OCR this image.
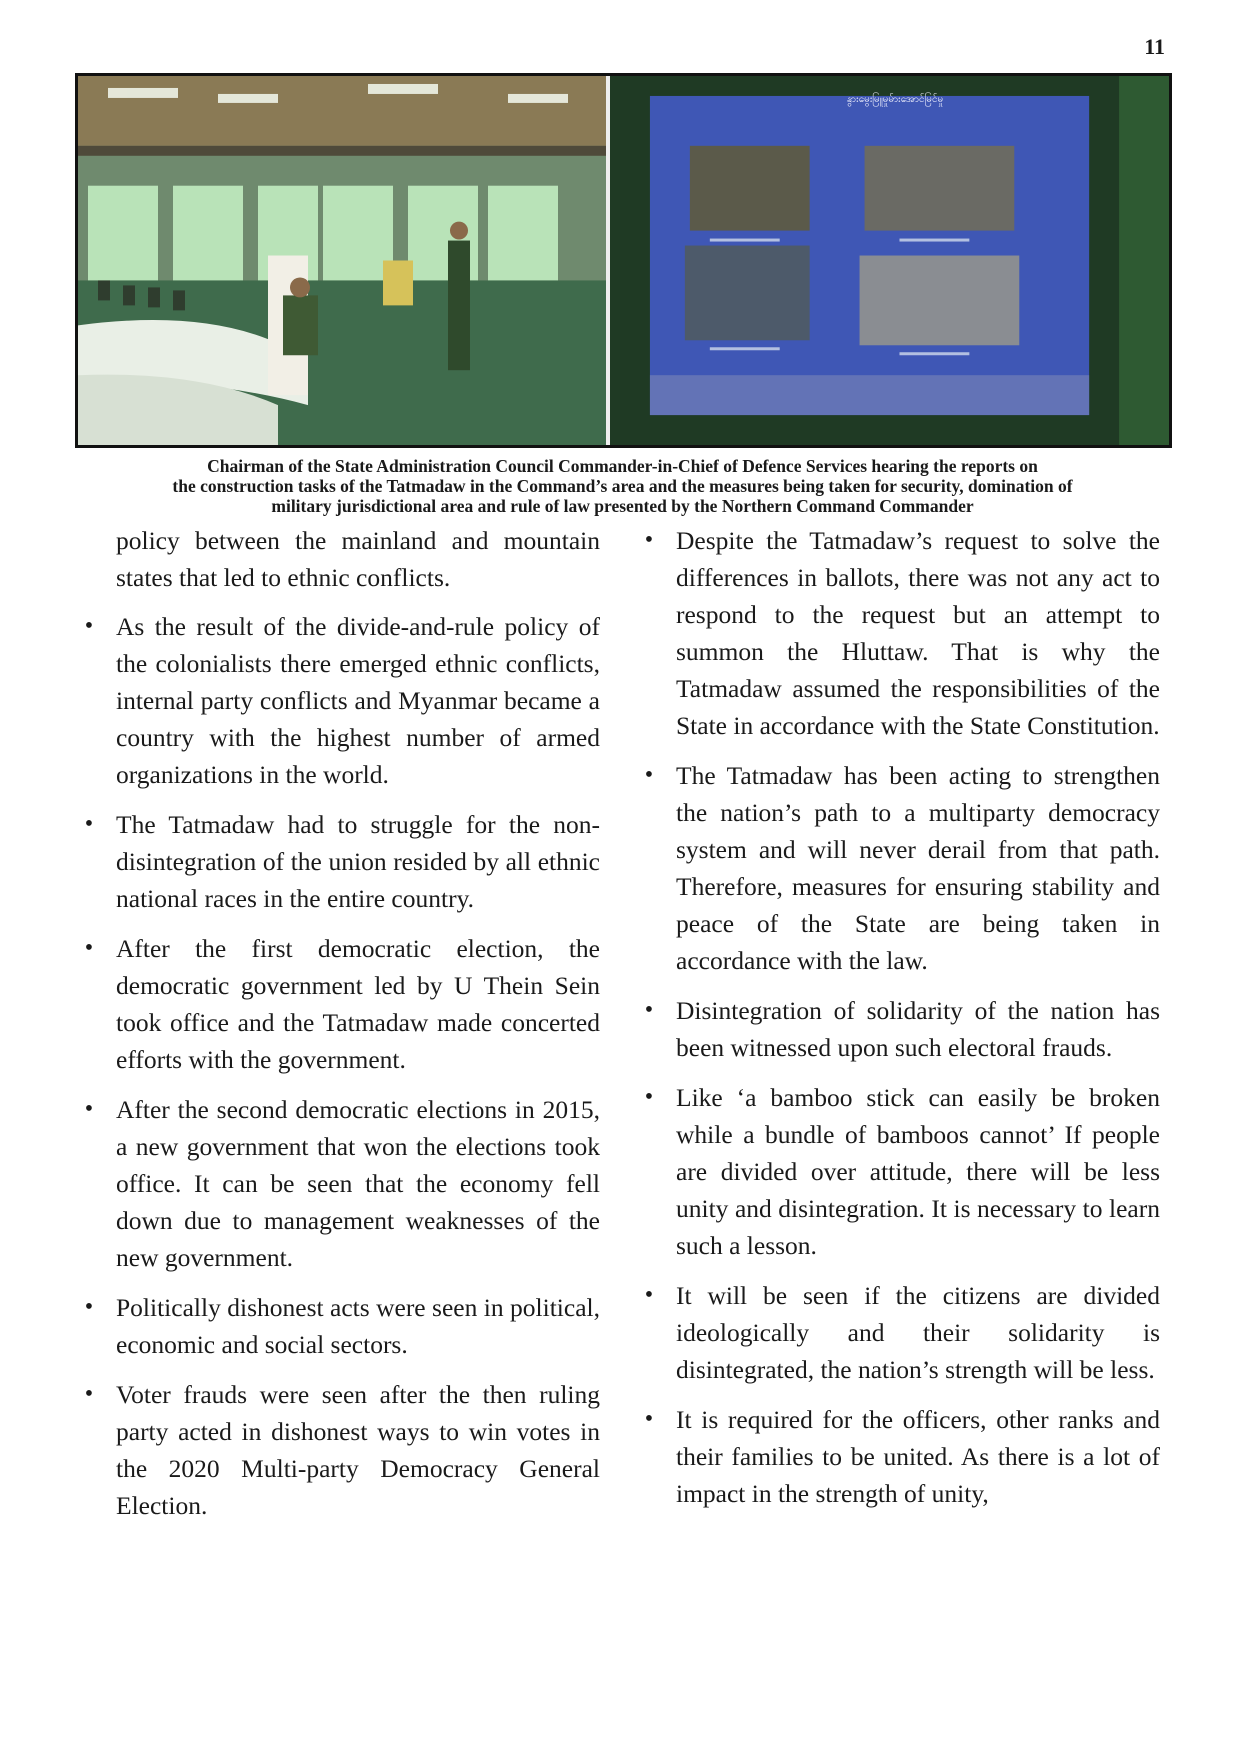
11
နွားမွေးမြူမှုမ်ားအောင်မြင်မှု
Chairman of the State Administration Council Commander-in-Chief of Defence Services hearing the reports on
the construction tasks of the Tatmadaw in the Command’s area and the measures being taken for security, domination of
military jurisdictional area and rule of law presented by the Northern Command Commander

policy between the mainland and mountain states that led to ethnic conflicts.

• As the result of the divide-and-rule policy of the colonialists there emerged ethnic conflicts, internal party conflicts and Myanmar became a country with the highest number of armed organizations in the world.
• The Tatmadaw had to struggle for the non-disintegration of the union resided by all ethnic national races in the entire country.
• After the first democratic election, the democratic government led by U Thein Sein took office and the Tatmadaw made concerted efforts with the government.
• After the second democratic elections in 2015, a new government that won the elections took office. It can be seen that the economy fell down due to management weaknesses of the new government.
• Politically dishonest acts were seen in political, economic and social sectors.
• Voter frauds were seen after the then ruling party acted in dishonest ways to win votes in the 2020 Multi-party Democracy General Election.
• Despite the Tatmadaw’s request to solve the differences in ballots, there was not any act to respond to the request but an attempt to summon the Hluttaw. That is why the Tatmadaw assumed the responsibilities of the State in accordance with the State Constitution.
• The Tatmadaw has been acting to strengthen the nation’s path to a multiparty democracy system and will never derail from that path. Therefore, measures for ensuring stability and peace of the State are being taken in accordance with the law.
• Disintegration of solidarity of the nation has been witnessed upon such electoral frauds.
• Like ‘a bamboo stick can easily be broken while a bundle of bamboos cannot’ If people are divided over attitude, there will be less unity and disintegration. It is necessary to learn such a lesson.
• It will be seen if the citizens are divided ideologically and their solidarity is disintegrated, the nation’s strength will be less.
• It is required for the officers, other ranks and their families to be united. As there is a lot of impact in the strength of unity,
